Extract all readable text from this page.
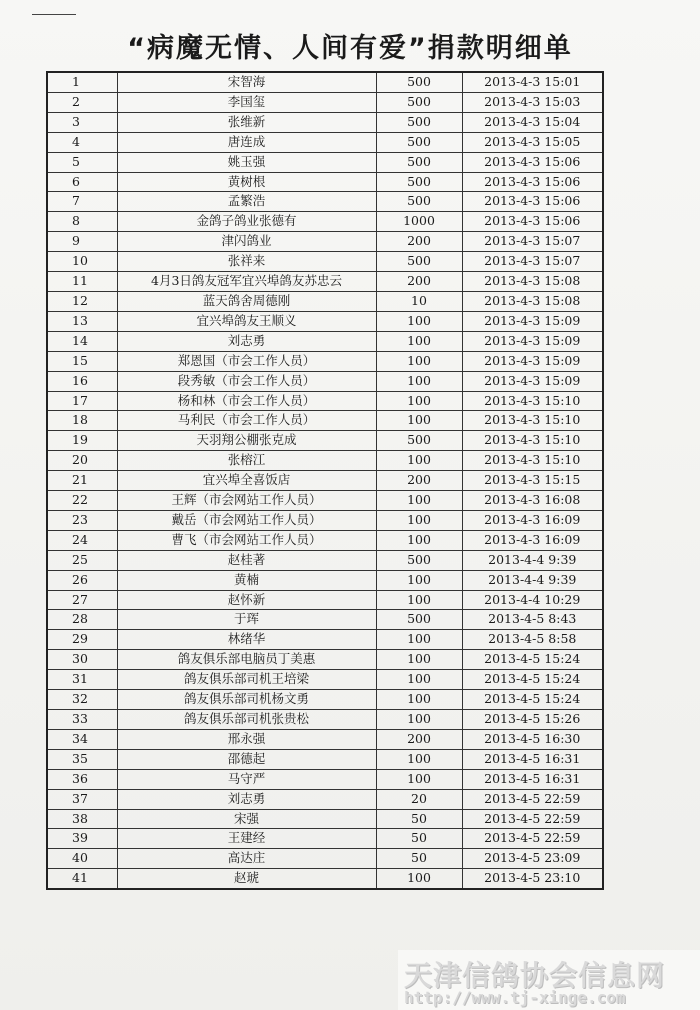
“病魔无情、人间有爱”捐款明细单
1	宋智海	500	2013-4-3 15:01
2	李国玺	500	2013-4-3 15:03
3	张维新	500	2013-4-3 15:04
4	唐连成	500	2013-4-3 15:05
5	姚玉强	500	2013-4-3 15:06
6	黄树根	500	2013-4-3 15:06
7	孟繁浩	500	2013-4-3 15:06
8	金鸽子鸽业张德有	1000	2013-4-3 15:06
9	津闪鸽业	200	2013-4-3 15:07
10	张祥来	500	2013-4-3 15:07
11	4月3日鸽友冠军宜兴埠鸽友苏忠云	200	2013-4-3 15:08
12	蓝天鸽舍周德刚	10	2013-4-3 15:08
13	宜兴埠鸽友王顺义	100	2013-4-3 15:09
14	刘志勇	100	2013-4-3 15:09
15	郑恩国（市会工作人员）	100	2013-4-3 15:09
16	段秀敏（市会工作人员）	100	2013-4-3 15:09
17	杨和林（市会工作人员）	100	2013-4-3 15:10
18	马利民（市会工作人员）	100	2013-4-3 15:10
19	天羽翔公棚张克成	500	2013-4-3 15:10
20	张榕江	100	2013-4-3 15:10
21	宜兴埠全喜饭店	200	2013-4-3 15:15
22	王辉（市会网站工作人员）	100	2013-4-3 16:08
23	戴岳（市会网站工作人员）	100	2013-4-3 16:09
24	曹飞（市会网站工作人员）	100	2013-4-3 16:09
25	赵桂著	500	2013-4-4 9:39
26	黄楠	100	2013-4-4 9:39
27	赵怀新	100	2013-4-4 10:29
28	于珲	500	2013-4-5 8:43
29	林绪华	100	2013-4-5 8:58
30	鸽友俱乐部电脑员丁美惠	100	2013-4-5 15:24
31	鸽友俱乐部司机王培梁	100	2013-4-5 15:24
32	鸽友俱乐部司机杨文勇	100	2013-4-5 15:24
33	鸽友俱乐部司机张贵松	100	2013-4-5 15:26
34	邢永强	200	2013-4-5 16:30
35	邵德起	100	2013-4-5 16:31
36	马守严	100	2013-4-5 16:31
37	刘志勇	20	2013-4-5 22:59
38	宋强	50	2013-4-5 22:59
39	王建经	50	2013-4-5 22:59
40	高达庄	50	2013-4-5 23:09
41	赵琥	100	2013-4-5 23:10
天津信鸽协会信息网
http://www.tj-xinge.com
